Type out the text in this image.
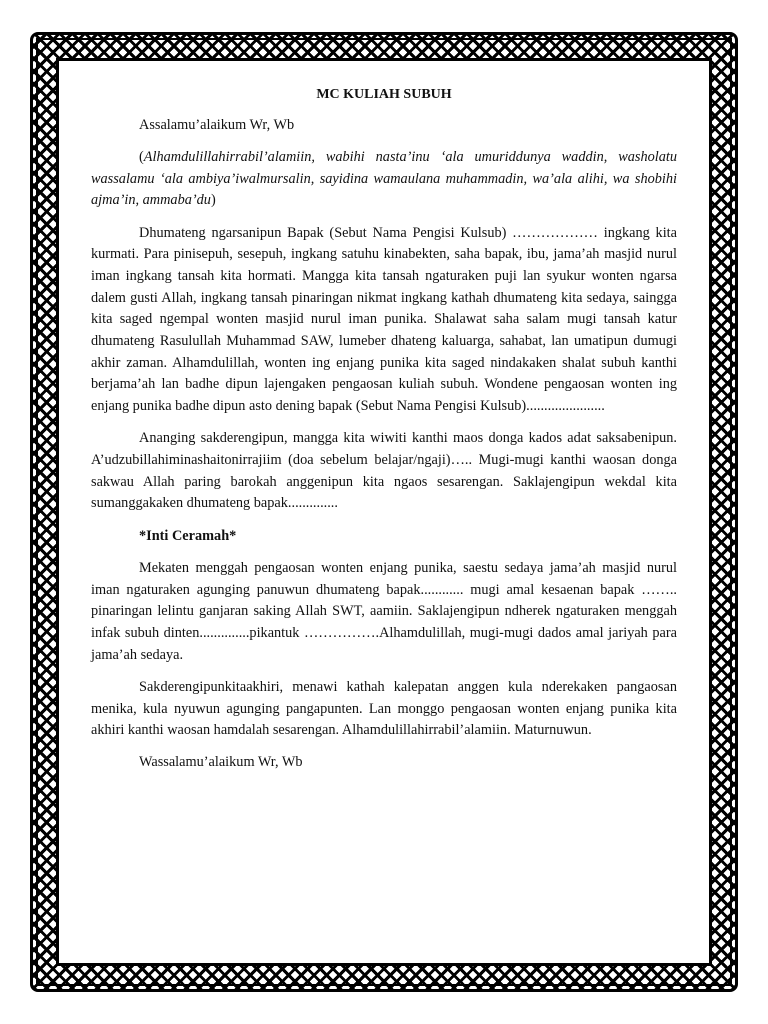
MC KULIAH SUBUH

Assalamu’alaikum Wr, Wb

(Alhamdulillahirrabil’alamiin, wabihi nasta’inu ‘ala umuriddunya waddin, washolatu wassalamu ‘ala ambiya’iwalmursalin, sayidina wamaulana muhammadin, wa’ala alihi, wa shobihi ajma’in, ammaba’du)

Dhumateng ngarsanipun Bapak (Sebut Nama Pengisi Kulsub) ……………… ingkang kita kurmati. Para pinisepuh, sesepuh, ingkang satuhu kinabekten, saha bapak, ibu, jama’ah masjid nurul iman ingkang tansah kita hormati. Mangga kita tansah ngaturaken puji lan syukur wonten ngarsa dalem gusti Allah, ingkang tansah pinaringan nikmat ingkang kathah dhumateng kita sedaya, saingga kita saged ngempal wonten masjid nurul iman punika. Shalawat saha salam mugi tansah katur dhumateng Rasulullah Muhammad SAW, lumeber dhateng kaluarga, sahabat, lan umatipun dumugi akhir zaman. Alhamdulillah, wonten ing enjang punika kita saged nindakaken shalat subuh kanthi berjama’ah lan badhe dipun lajengaken pengaosan kuliah subuh. Wondene pengaosan wonten ing enjang punika badhe dipun asto dening bapak (Sebut Nama Pengisi Kulsub)......................

Ananging sakderengipun, mangga kita wiwiti kanthi maos donga kados adat saksabenipun. A’udzubillahiminashaitonirrajiim (doa sebelum belajar/ngaji)….. Mugi-mugi kanthi waosan donga sakwau Allah paring barokah anggenipun kita ngaos sesarengan. Saklajengipun wekdal kita sumanggakaken dhumateng bapak..............

*Inti Ceramah*

Mekaten menggah pengaosan wonten enjang punika, saestu sedaya jama’ah masjid nurul iman ngaturaken agunging panuwun dhumateng bapak............ mugi amal kesaenan bapak …….. pinaringan lelintu ganjaran saking Allah SWT, aamiin. Saklajengipun ndherek ngaturaken menggah infak subuh dinten..............pikantuk …………….Alhamdulillah, mugi-mugi dados amal jariyah para jama’ah sedaya.

Sakderengipunkitaakhiri, menawi kathah kalepatan anggen kula nderekaken pangaosan menika, kula nyuwun agunging pangapunten. Lan monggo pengaosan wonten enjang punika kita akhiri kanthi waosan hamdalah sesarengan. Alhamdulillahirrabil’alamiin. Maturnuwun.

Wassalamu’alaikum Wr, Wb
